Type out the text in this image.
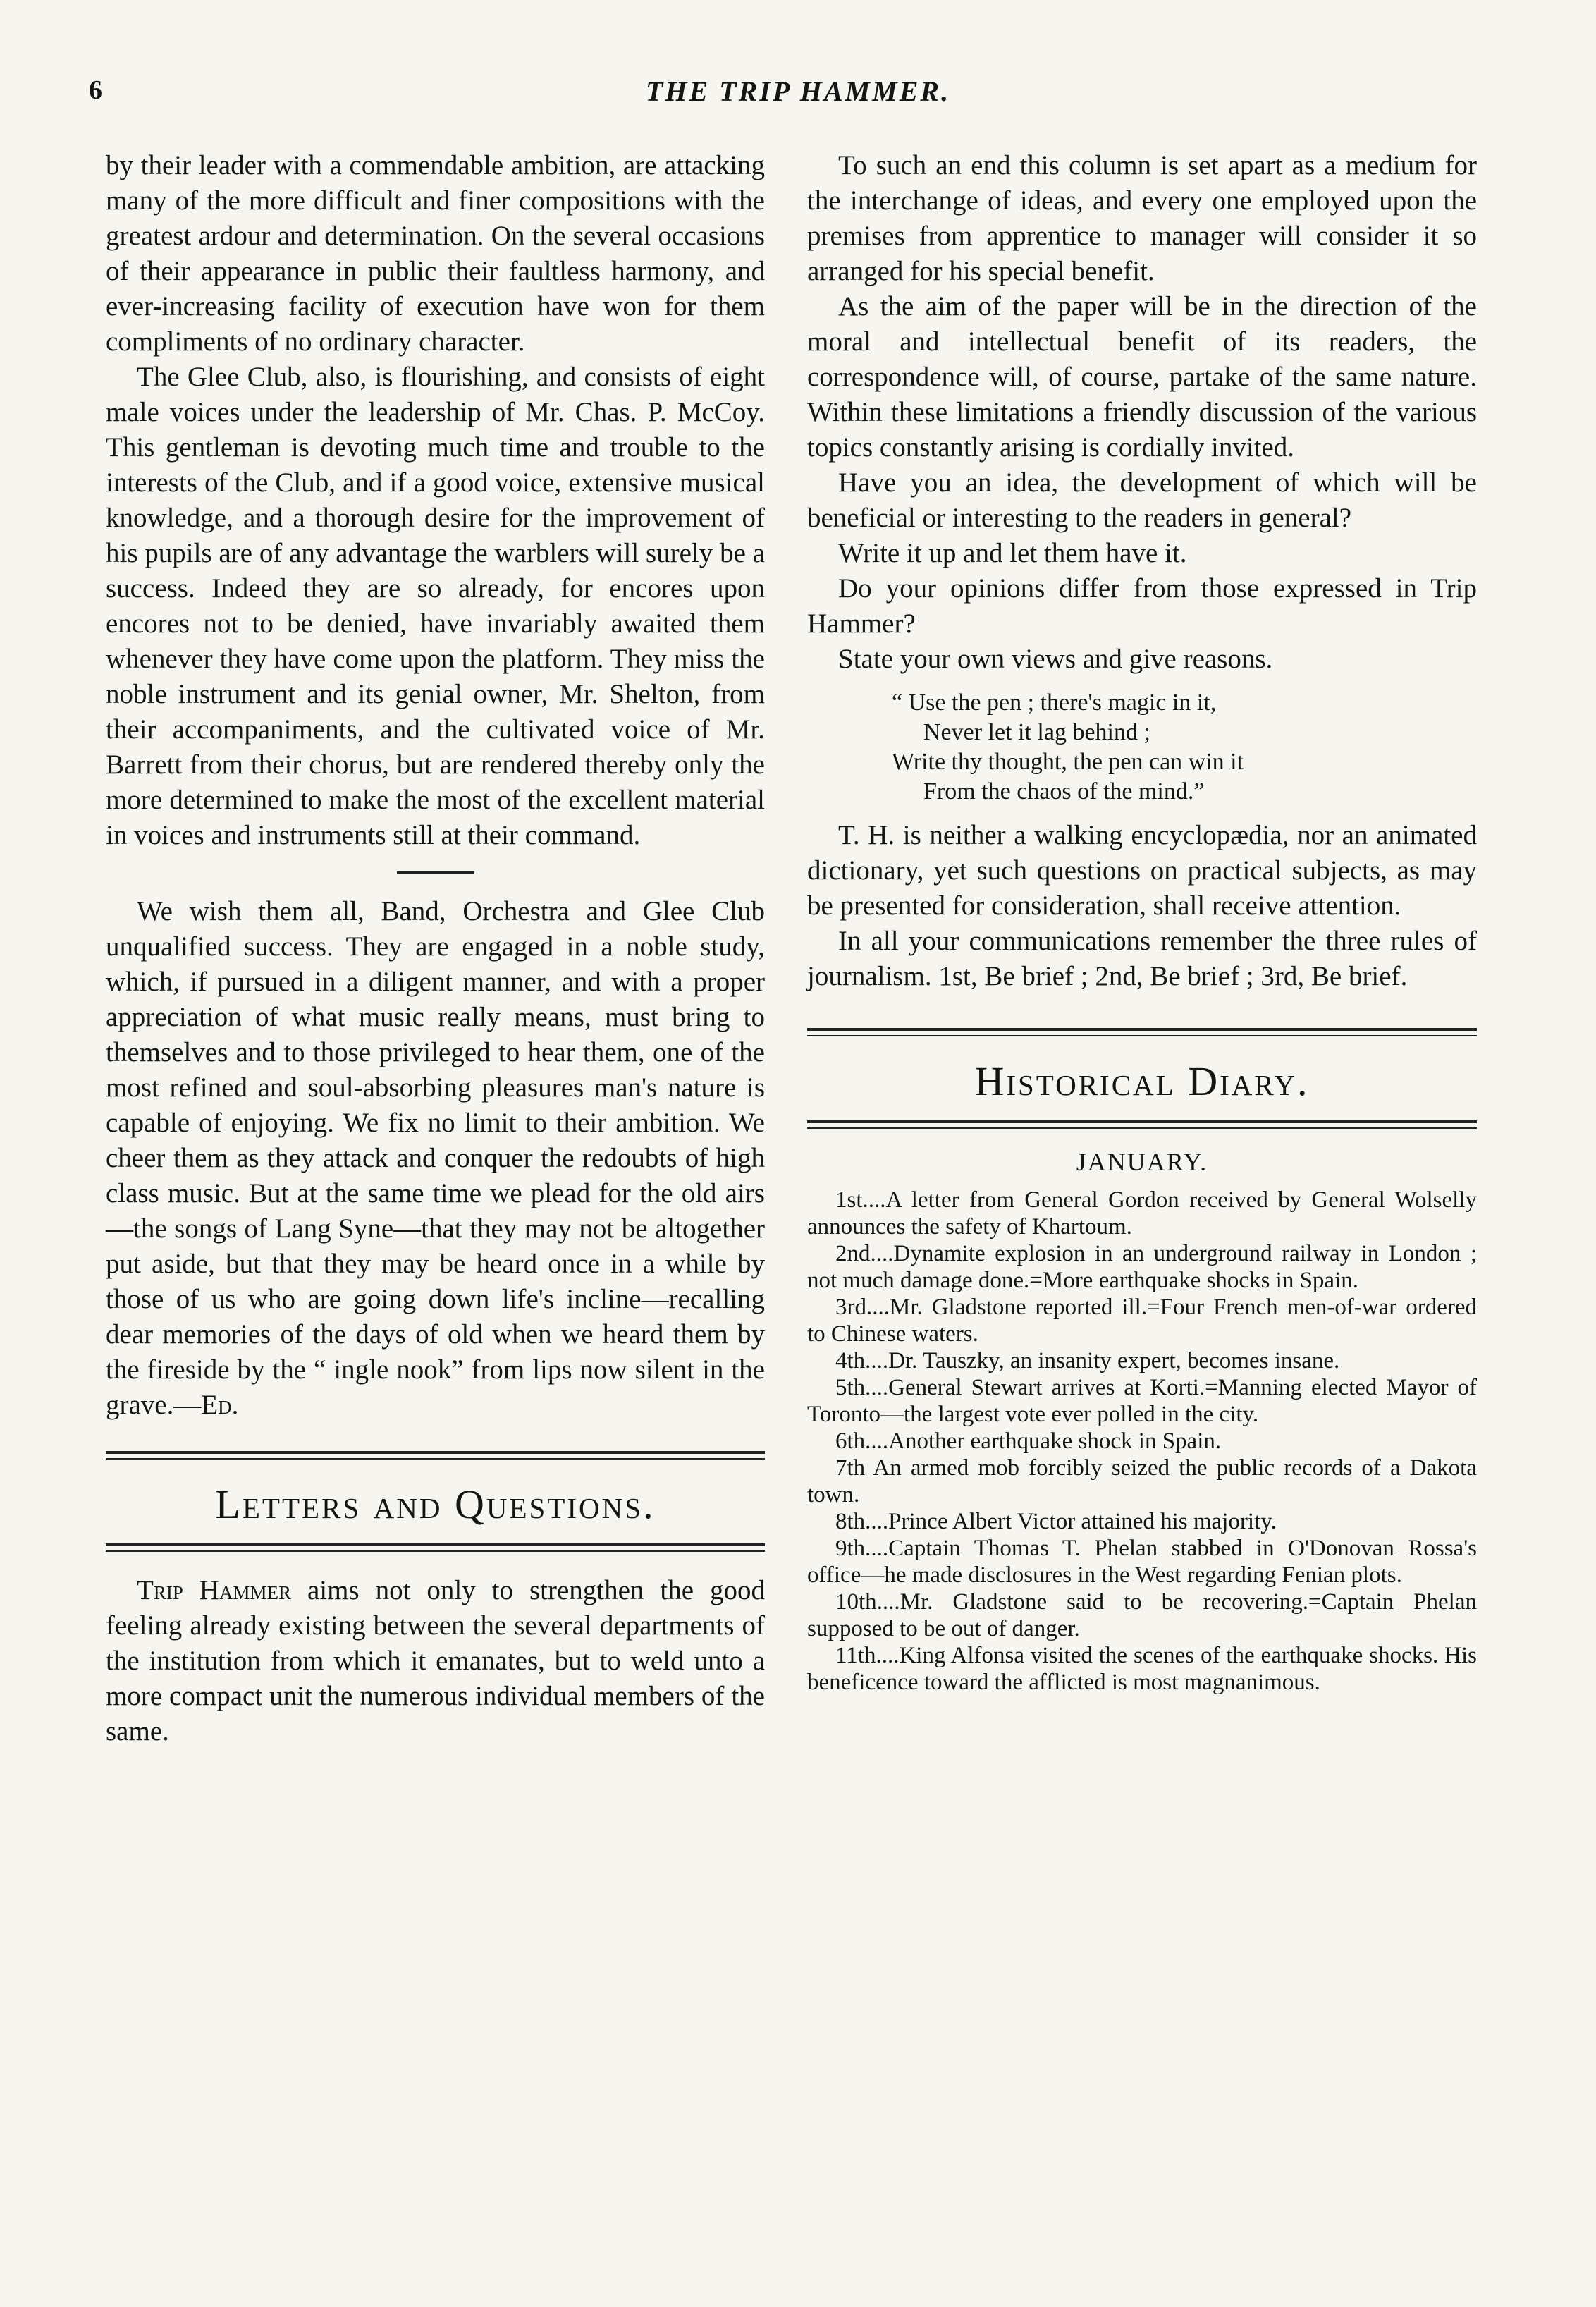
6	THE TRIP HAMMER.

by their leader with a commendable ambition, are attacking many of the more difficult and finer compositions with the greatest ardour and determination. On the several occasions of their appearance in public their faultless harmony, and ever-increasing facility of execution have won for them compliments of no ordinary character.

The Glee Club, also, is flourishing, and consists of eight male voices under the leadership of Mr. Chas. P. McCoy. This gentleman is devoting much time and trouble to the interests of the Club, and if a good voice, extensive musical knowledge, and a thorough desire for the improvement of his pupils are of any advantage the warblers will surely be a success. Indeed they are so already, for encores upon encores not to be denied, have invariably awaited them whenever they have come upon the platform. They miss the noble instrument and its genial owner, Mr. Shelton, from their accompaniments, and the cultivated voice of Mr. Barrett from their chorus, but are rendered thereby only the more determined to make the most of the excellent material in voices and instruments still at their command.

We wish them all, Band, Orchestra and Glee Club unqualified success. They are engaged in a noble study, which, if pursued in a diligent manner, and with a proper appreciation of what music really means, must bring to themselves and to those privileged to hear them, one of the most refined and soul-absorbing pleasures man's nature is capable of enjoying. We fix no limit to their ambition. We cheer them as they attack and conquer the redoubts of high class music. But at the same time we plead for the old airs—the songs of Lang Syne—that they may not be altogether put aside, but that they may be heard once in a while by those of us who are going down life's incline—recalling dear memories of the days of old when we heard them by the fireside by the “ ingle nook” from lips now silent in the grave.—Ed.

Letters and Questions.

Trip Hammer aims not only to strengthen the good feeling already existing between the several departments of the institution from which it emanates, but to weld unto a more compact unit the numerous individual members of the same.

To such an end this column is set apart as a medium for the interchange of ideas, and every one employed upon the premises from apprentice to manager will consider it so arranged for his special benefit.

As the aim of the paper will be in the direction of the moral and intellectual benefit of its readers, the correspondence will, of course, partake of the same nature. Within these limitations a friendly discussion of the various topics constantly arising is cordially invited.

Have you an idea, the development of which will be beneficial or interesting to the readers in general?

Write it up and let them have it.

Do your opinions differ from those expressed in Trip Hammer?

State your own views and give reasons.

“ Use the pen ; there's magic in it,
Never let it lag behind ;
Write thy thought, the pen can win it
From the chaos of the mind.”

T. H. is neither a walking encyclopædia, nor an animated dictionary, yet such questions on practical subjects, as may be presented for consideration, shall receive attention.

In all your communications remember the three rules of journalism. 1st, Be brief ; 2nd, Be brief ; 3rd, Be brief.

Historical Diary.
JANUARY.

1st....A letter from General Gordon received by General Wolselly announces the safety of Khartoum.

2nd....Dynamite explosion in an underground railway in London ; not much damage done.=More earthquake shocks in Spain.

3rd....Mr. Gladstone reported ill.=Four French men-of-war ordered to Chinese waters.

4th....Dr. Tauszky, an insanity expert, becomes insane.

5th....General Stewart arrives at Korti.=Manning elected Mayor of Toronto—the largest vote ever polled in the city.

6th....Another earthquake shock in Spain.

7th An armed mob forcibly seized the public records of a Dakota town.

8th....Prince Albert Victor attained his majority.

9th....Captain Thomas T. Phelan stabbed in O'Donovan Rossa's office—he made disclosures in the West regarding Fenian plots.

10th....Mr. Gladstone said to be recovering.=Captain Phelan supposed to be out of danger.

11th....King Alfonsa visited the scenes of the earthquake shocks. His beneficence toward the afflicted is most magnanimous.
